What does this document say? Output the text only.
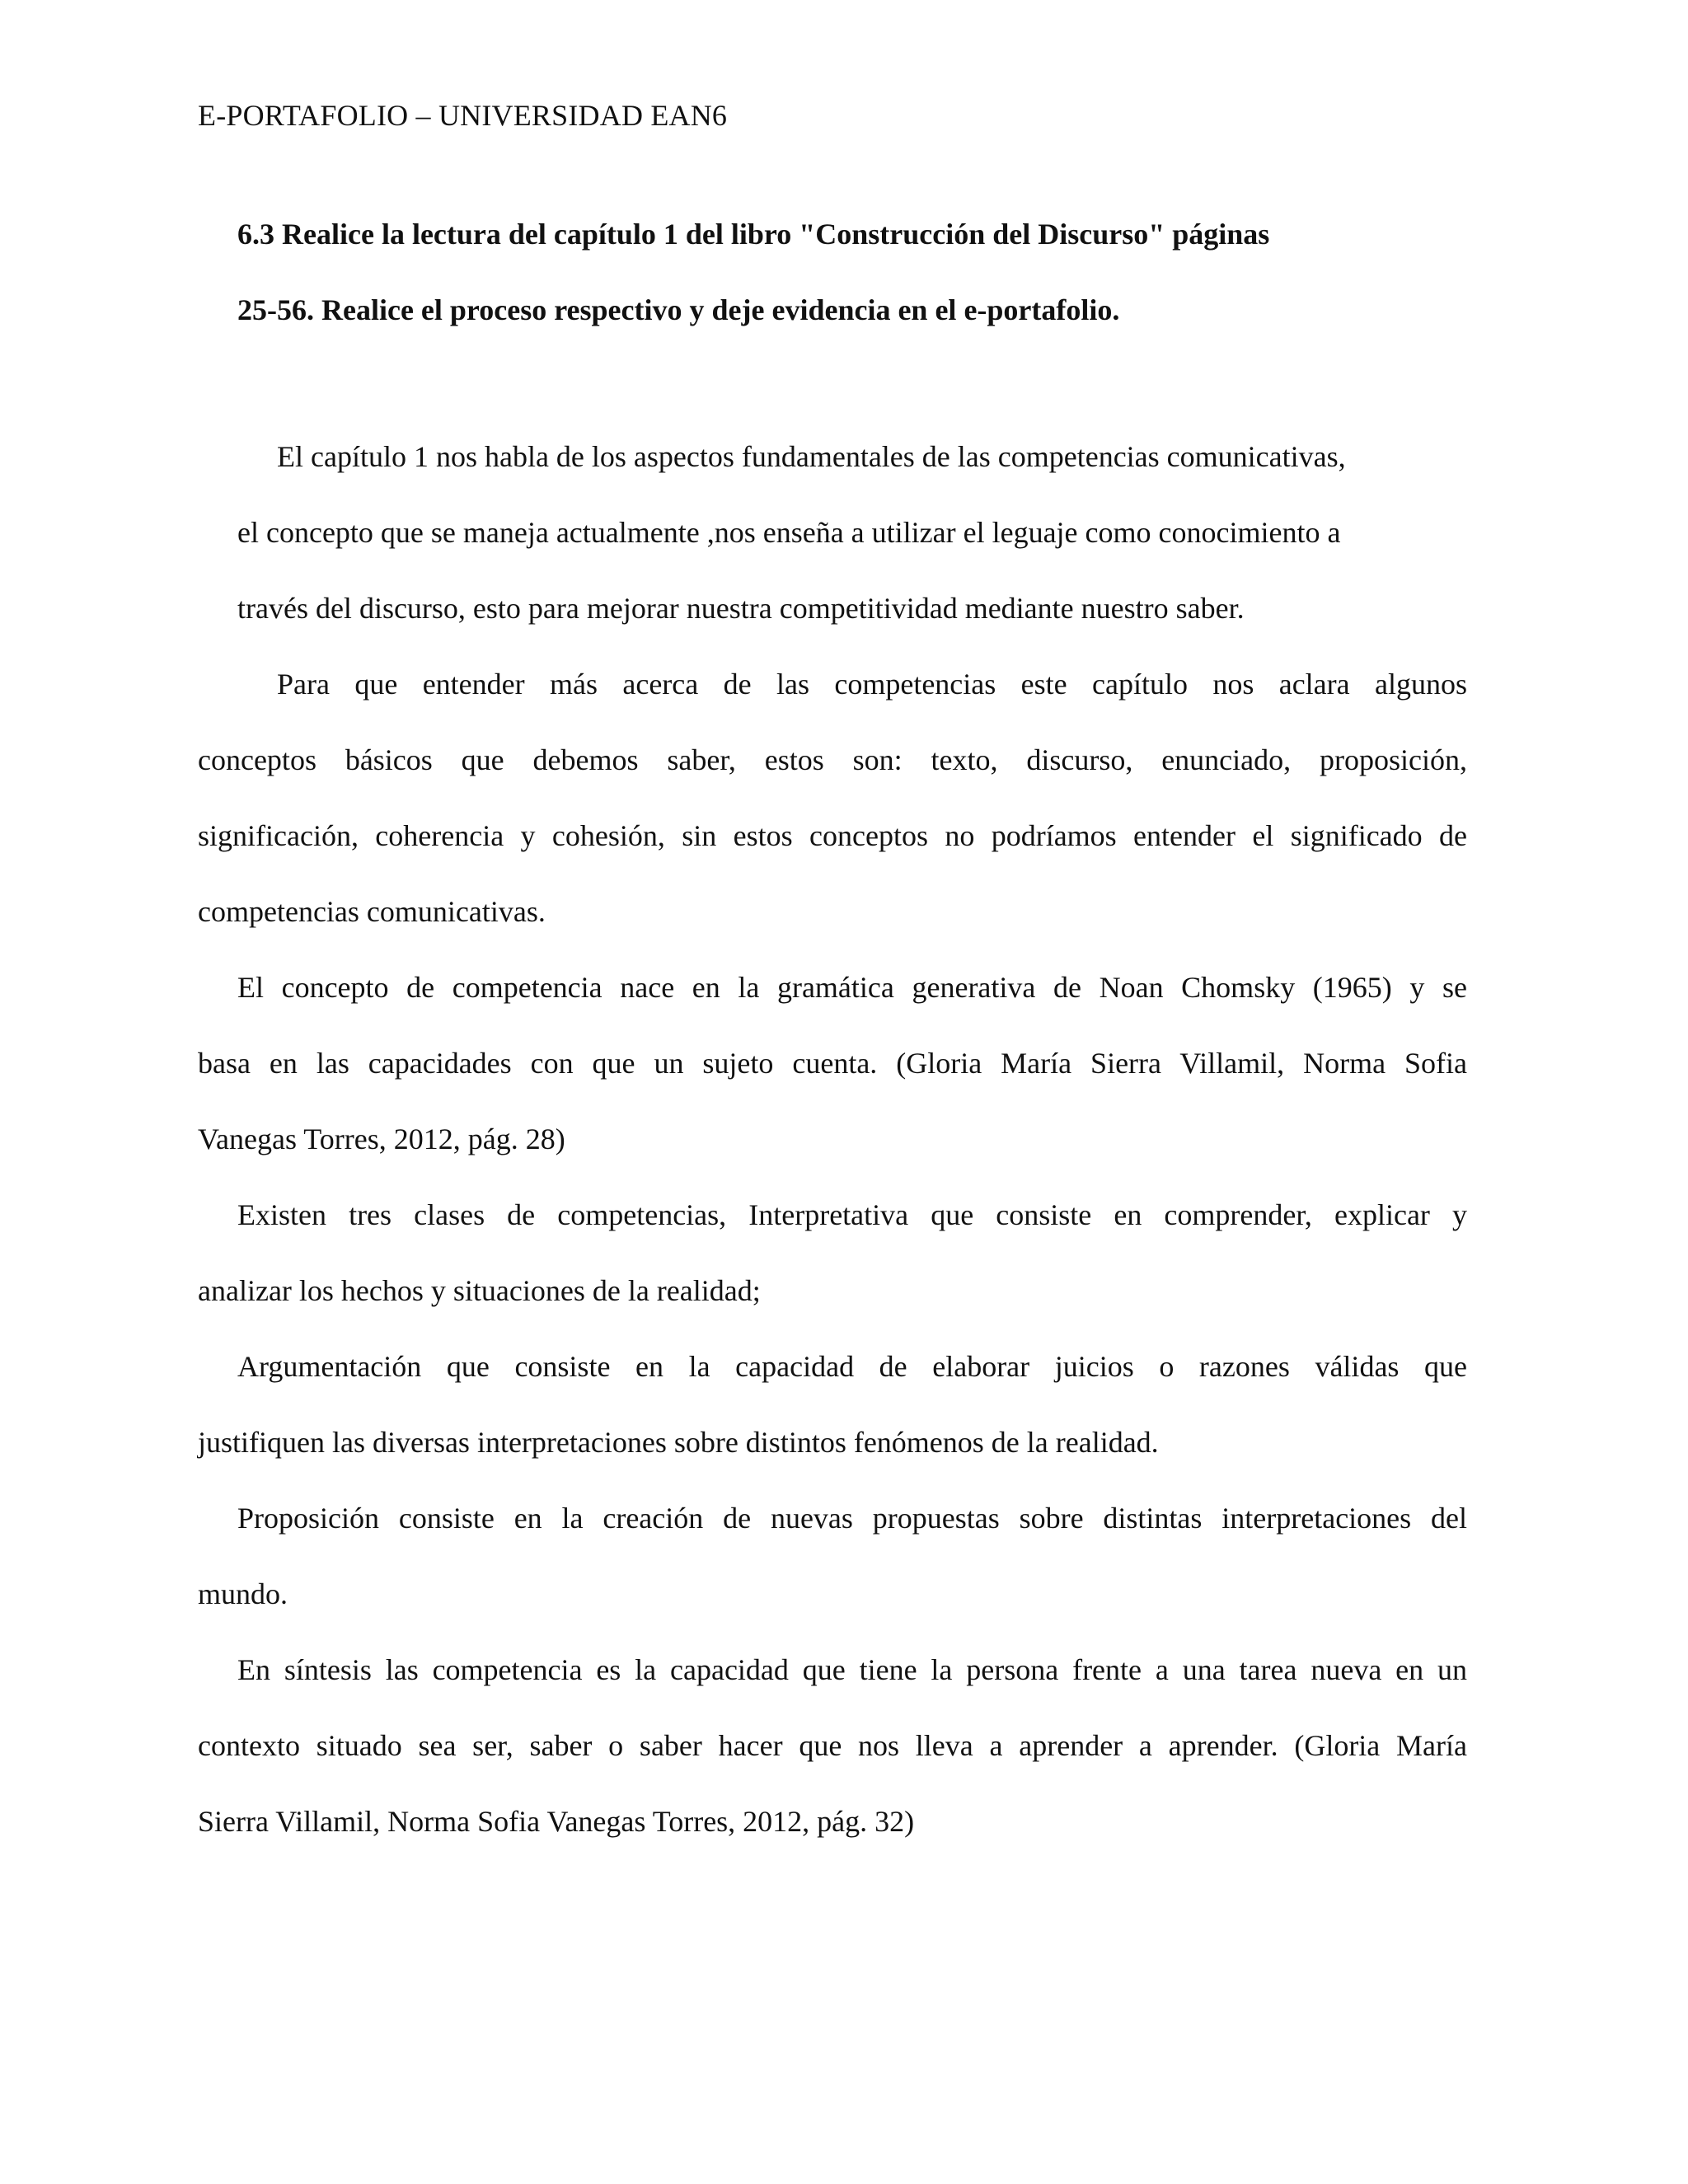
E-PORTAFOLIO – UNIVERSIDAD EAN6
6.3 Realice la lectura del capítulo 1 del libro "Construcción del Discurso" páginas
25-56. Realice el proceso respectivo y deje evidencia en el e-portafolio.
El capítulo 1 nos habla de los aspectos fundamentales de las competencias comunicativas,
el concepto que se maneja actualmente ,nos enseña a utilizar el leguaje como conocimiento a
través del discurso, esto para mejorar nuestra competitividad mediante nuestro saber.
Para que entender más acerca de las competencias este capítulo nos aclara algunos
conceptos básicos que debemos saber, estos son: texto, discurso, enunciado, proposición,
significación, coherencia y cohesión, sin estos conceptos no podríamos entender el significado de
competencias comunicativas.
El concepto de competencia nace en la gramática generativa de Noan Chomsky (1965) y se
basa en las capacidades con que un sujeto cuenta. (Gloria María Sierra Villamil, Norma Sofia
Vanegas Torres, 2012, pág. 28)
Existen tres clases de competencias, Interpretativa que consiste en comprender, explicar y
analizar los hechos y situaciones de la realidad;
Argumentación que consiste en la capacidad de elaborar juicios o razones válidas que
justifiquen las diversas interpretaciones sobre distintos fenómenos de la realidad.
Proposición consiste en la creación de nuevas propuestas sobre distintas interpretaciones del
mundo.
En síntesis las competencia es la capacidad que tiene la persona frente a una tarea nueva en un
contexto situado sea ser, saber o saber hacer que nos lleva a aprender a aprender. (Gloria María
Sierra Villamil, Norma Sofia Vanegas Torres, 2012, pág. 32)
